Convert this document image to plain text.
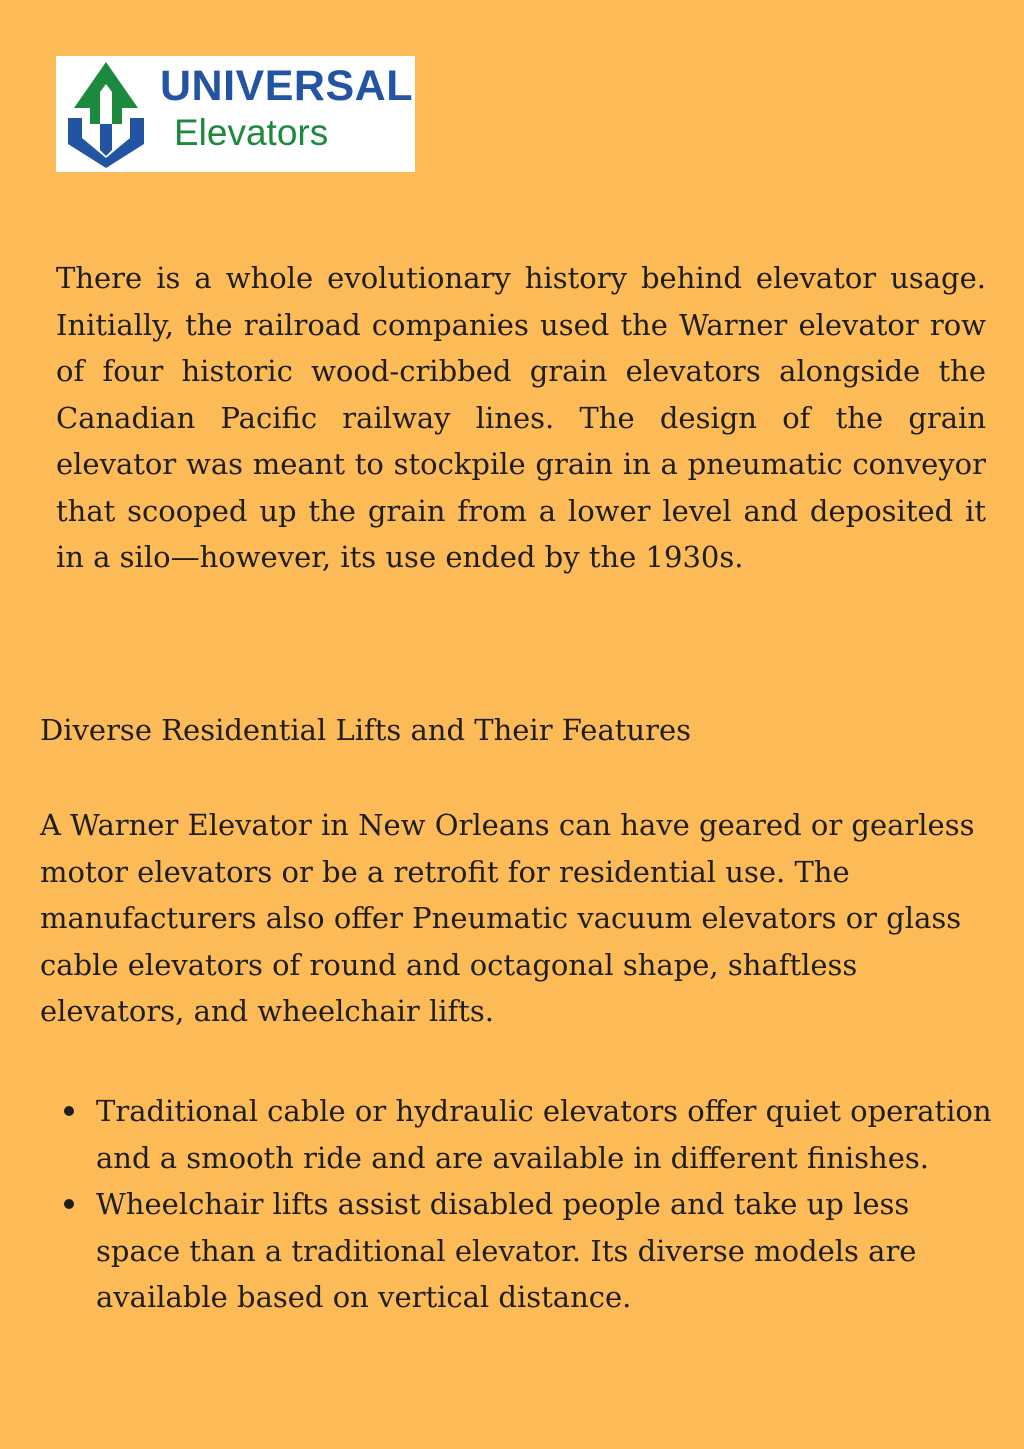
UNIVERSAL
Elevators

There is a whole evolutionary history behind elevator usage. Initially, the railroad companies used the Warner elevator row of four historic wood-cribbed grain elevators alongside the Canadian Pacific railway lines. The design of the grain elevator was meant to stockpile grain in a pneumatic conveyor that scooped up the grain from a lower level and deposited it in a silo—however, its use ended by the 1930s.

Diverse Residential Lifts and Their Features

A Warner Elevator in New Orleans can have geared or gearless motor elevators or be a retrofit for residential use. The manufacturers also offer Pneumatic vacuum elevators or glass cable elevators of round and octagonal shape, shaftless elevators, and wheelchair lifts.

Traditional cable or hydraulic elevators offer quiet operation and a smooth ride and are available in different finishes.
Wheelchair lifts assist disabled people and take up less space than a traditional elevator. Its diverse models are available based on vertical distance.
